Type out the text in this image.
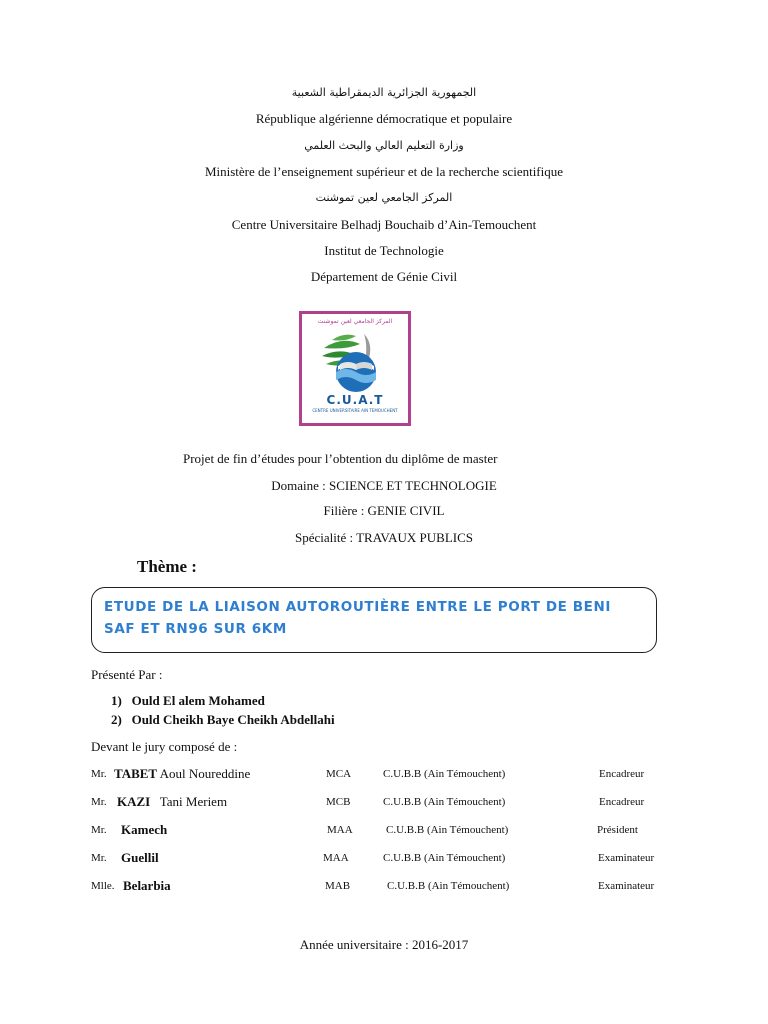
الجمهورية الجزائرية الديمقراطية الشعبية
République algérienne démocratique et populaire
وزارة التعليم العالي والبحث العلمي
Ministère de l’enseignement supérieur et de la recherche scientifique
المركز الجامعي لعين تموشنت
Centre Universitaire Belhadj Bouchaib d’Ain-Temouchent
Institut de Technologie
Département de Génie Civil
المركز الجامعي لعين تموشنت
C.U.A.T
CENTRE UNIVERSITAIRE AIN TEMOUCHENT
Projet de fin d’études pour l’obtention du diplôme de master
Domaine : SCIENCE ET TECHNOLOGIE
Filière : GENIE CIVIL
Spécialité : TRAVAUX PUBLICS
Thème :
ETUDE DE LA LIAISON AUTOROUTIÈRE ENTRE LE PORT DE BENI
SAF ET RN96 SUR 6KM
Présenté Par :
1) Ould El alem Mohamed
2) Ould Cheikh Baye Cheikh Abdellahi
Devant le jury composé de :
Mr. TABET Aoul Noureddine	MCA	C.U.B.B (Ain Témouchent)	Encadreur
Mr. KAZI Tani Meriem	MCB	C.U.B.B (Ain Témouchent)	Encadreur
Mr. Kamech	MAA	C.U.B.B (Ain Témouchent)	Président
Mr. Guellil	MAA	C.U.B.B (Ain Témouchent)	Examinateur
Mlle. Belarbia	MAB	C.U.B.B (Ain Témouchent)	Examinateur
Année universitaire : 2016-2017
